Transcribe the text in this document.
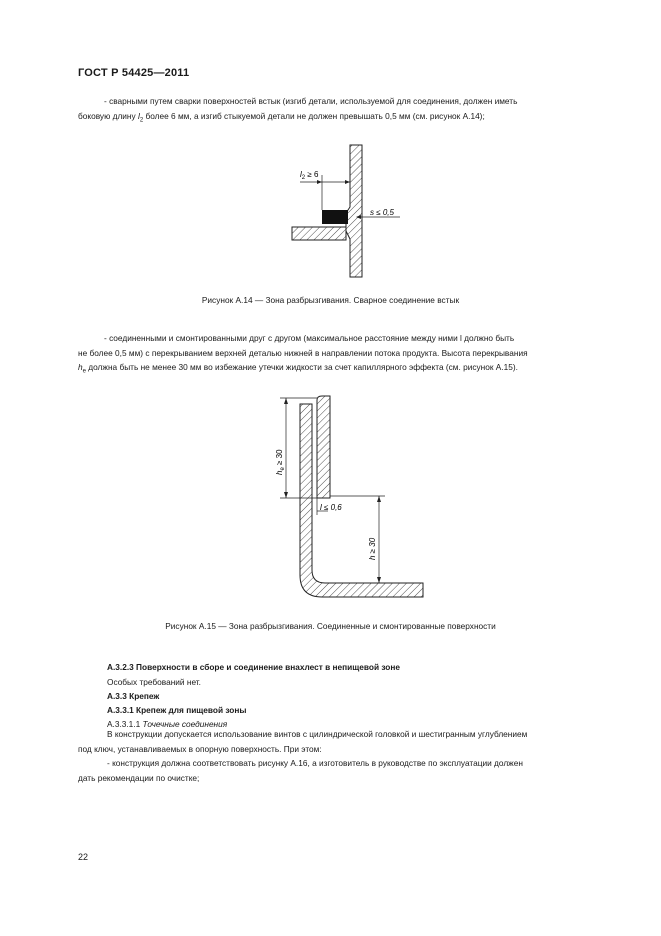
ГОСТ Р 54425—2011
- сварными путем сварки поверхностей встык (изгиб детали, используемой для соединения, должен иметь
боковую длину $l_2$ более 6 мм, а изгиб стыкуемой детали не должен превышать 0,5 мм (см. рисунок А.14);
$l_2 \ge 6$
s ≤ 0,5
Рисунок А.14 — Зона разбрызгивания. Сварное соединение встык
- соединенными и смонтированными друг с другом (максимальное расстояние между ними l должно быть
не более 0,5 мм) с перекрыванием верхней деталью нижней в направлении потока продукта. Высота перекрывания
$h_e$ должна быть не менее 30 мм во избежание утечки жидкости за счет капиллярного эффекта (см. рисунок А.15).
$h_e \ge 30$
l ≤ 0,6
h ≥ 30
Рисунок А.15 — Зона разбрызгивания. Соединенные и смонтированные поверхности
А.3.2.3 Поверхности в сборе и соединение внахлест в непищевой зоне
Особых требований нет.
А.3.3 Крепеж
А.3.3.1 Крепеж для пищевой зоны
А.3.3.1.1 Точечные соединения
В конструкции допускается использование винтов с цилиндрической головкой и шестигранным углублением
под ключ, устанавливаемых в опорную поверхность. При этом:
- конструкция должна соответствовать рисунку А.16, а изготовитель в руководстве по эксплуатации должен
дать рекомендации по очистке;
22
